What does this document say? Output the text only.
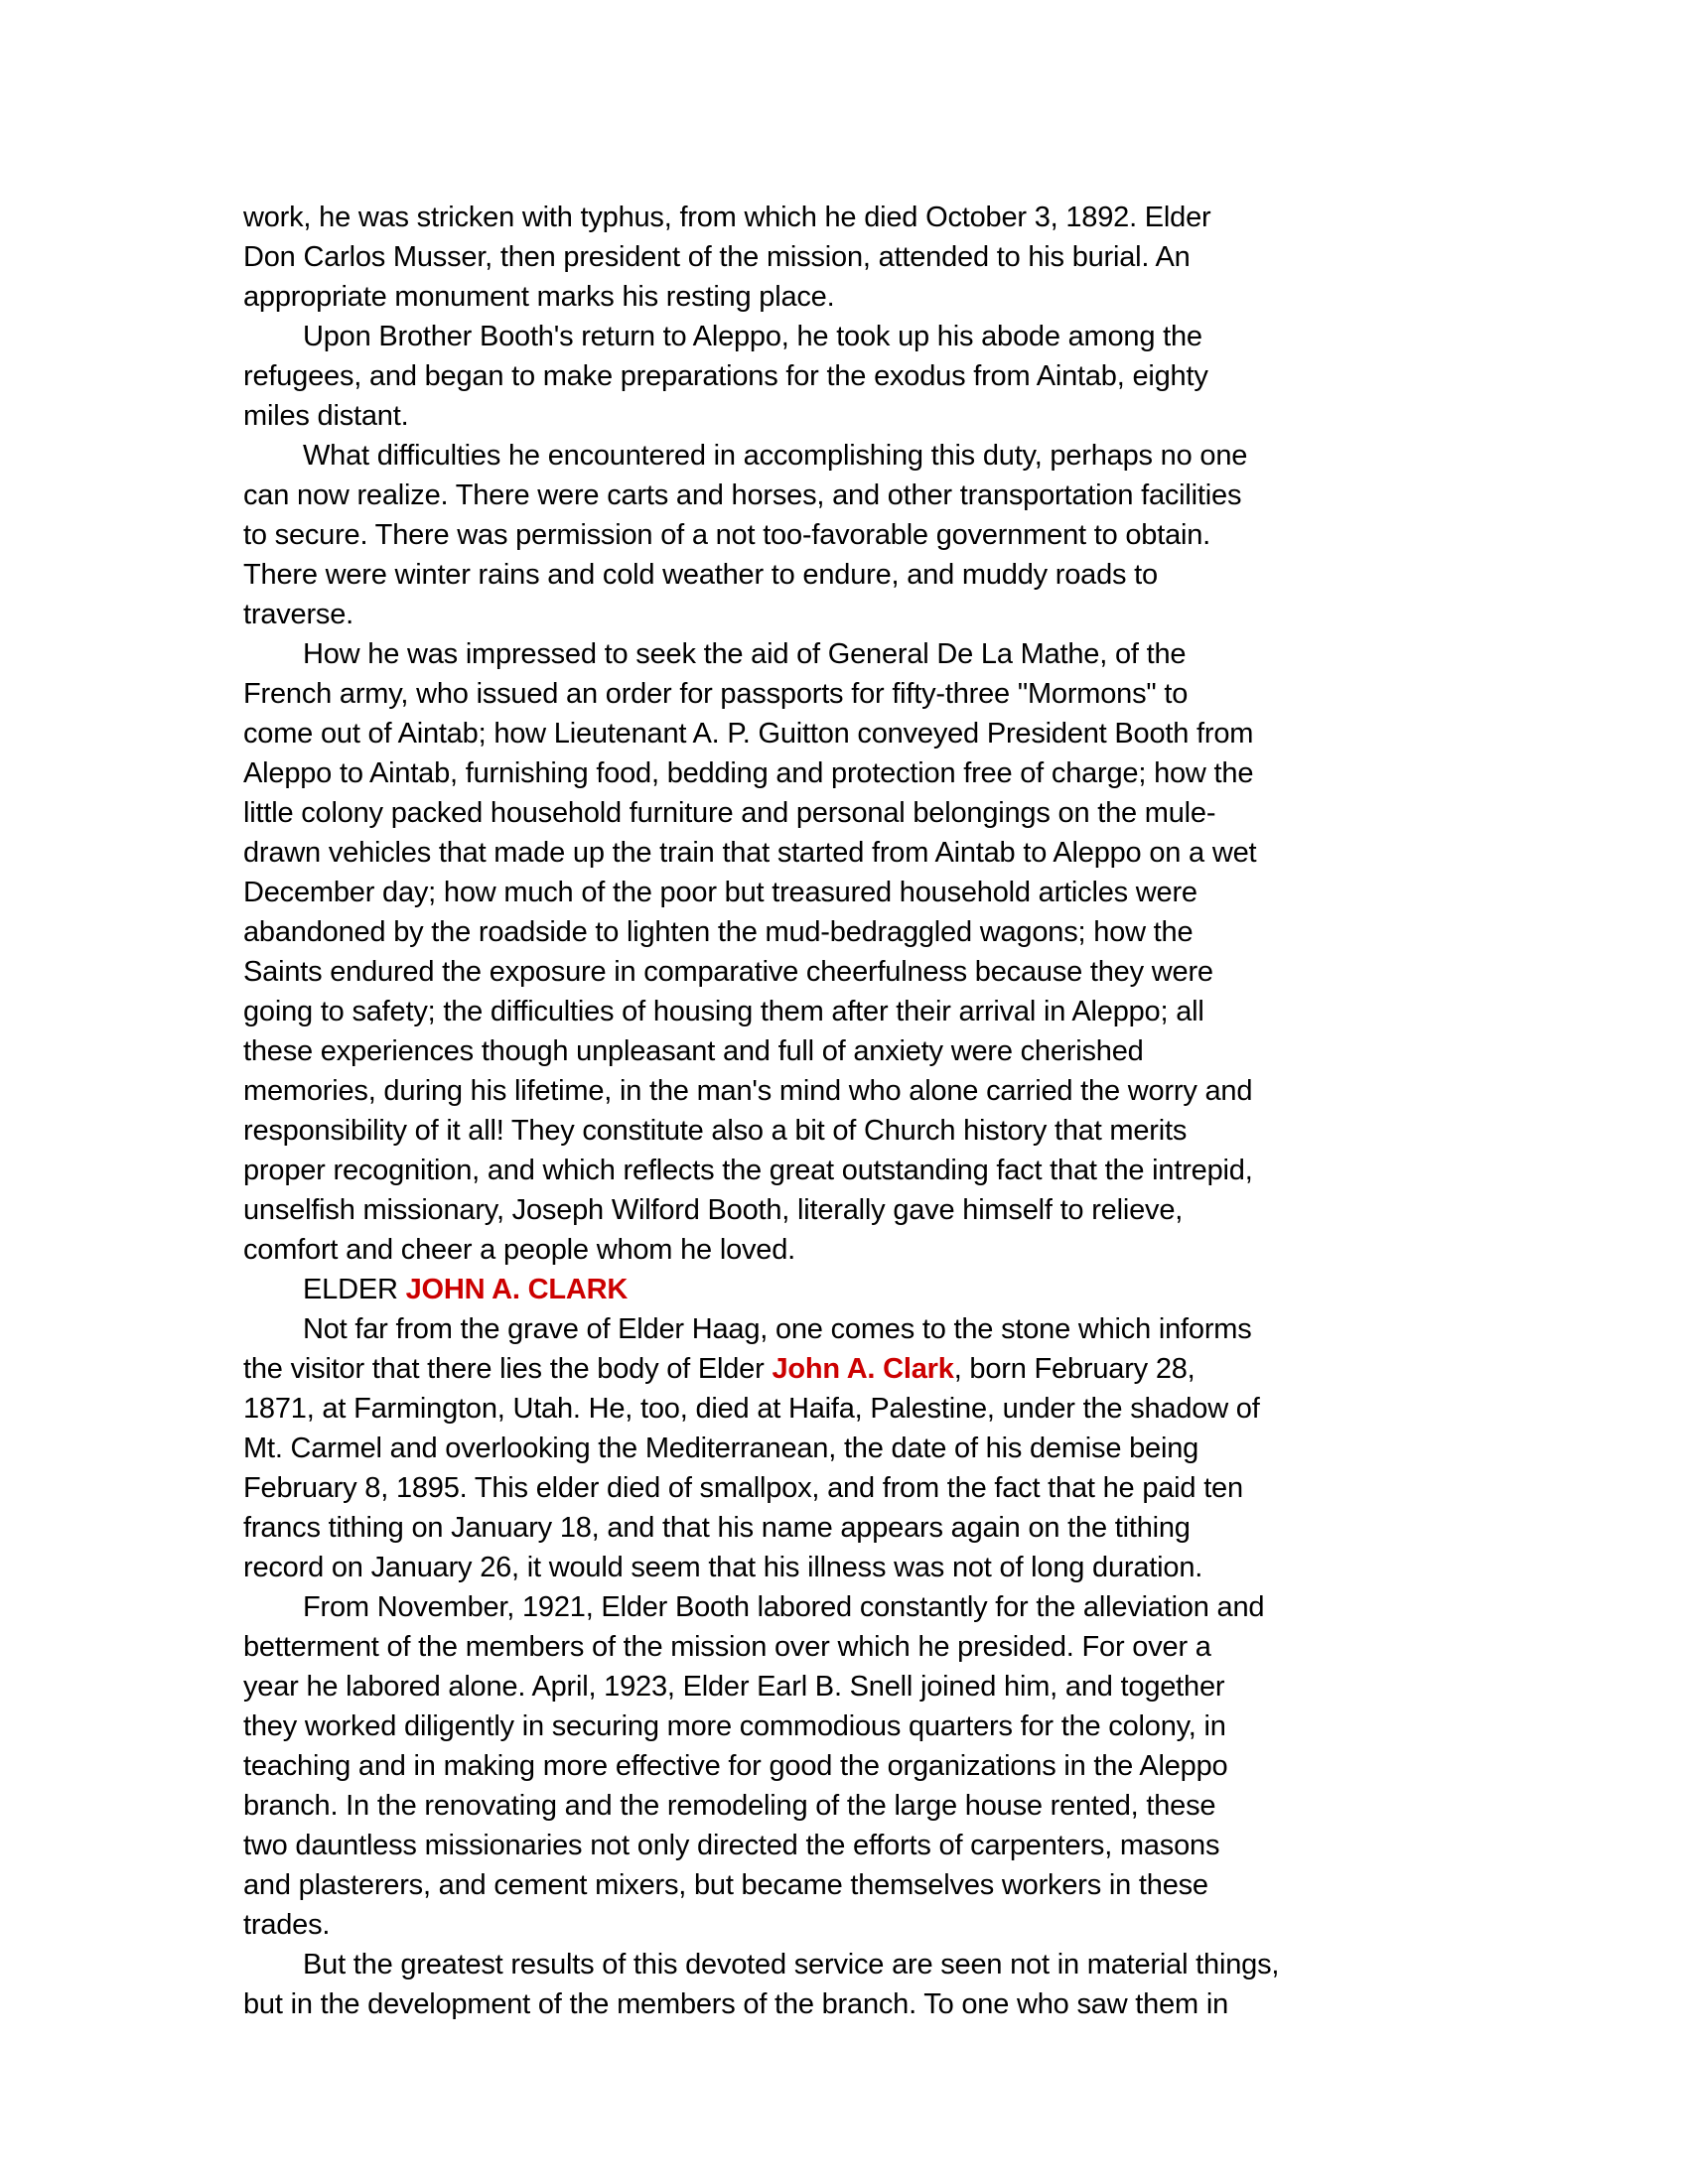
work, he was stricken with typhus, from which he died October 3, 1892. Elder
Don Carlos Musser, then president of the mission, attended to his burial. An
appropriate monument marks his resting place.
Upon Brother Booth's return to Aleppo, he took up his abode among the
refugees, and began to make preparations for the exodus from Aintab, eighty
miles distant.
What difficulties he encountered in accomplishing this duty, perhaps no one
can now realize. There were carts and horses, and other transportation facilities
to secure. There was permission of a not too-favorable government to obtain.
There were winter rains and cold weather to endure, and muddy roads to
traverse.
How he was impressed to seek the aid of General De La Mathe, of the
French army, who issued an order for passports for fifty-three "Mormons" to
come out of Aintab; how Lieutenant A. P. Guitton conveyed President Booth from
Aleppo to Aintab, furnishing food, bedding and protection free of charge; how the
little colony packed household furniture and personal belongings on the mule-
drawn vehicles that made up the train that started from Aintab to Aleppo on a wet
December day; how much of the poor but treasured household articles were
abandoned by the roadside to lighten the mud-bedraggled wagons; how the
Saints endured the exposure in comparative cheerfulness because they were
going to safety; the difficulties of housing them after their arrival in Aleppo; all
these experiences though unpleasant and full of anxiety were cherished
memories, during his lifetime, in the man's mind who alone carried the worry and
responsibility of it all! They constitute also a bit of Church history that merits
proper recognition, and which reflects the great outstanding fact that the intrepid,
unselfish missionary, Joseph Wilford Booth, literally gave himself to relieve,
comfort and cheer a people whom he loved.
ELDER JOHN A. CLARK
Not far from the grave of Elder Haag, one comes to the stone which informs
the visitor that there lies the body of Elder John A. Clark, born February 28,
1871, at Farmington, Utah. He, too, died at Haifa, Palestine, under the shadow of
Mt. Carmel and overlooking the Mediterranean, the date of his demise being
February 8, 1895. This elder died of smallpox, and from the fact that he paid ten
francs tithing on January 18, and that his name appears again on the tithing
record on January 26, it would seem that his illness was not of long duration.
From November, 1921, Elder Booth labored constantly for the alleviation and
betterment of the members of the mission over which he presided. For over a
year he labored alone. April, 1923, Elder Earl B. Snell joined him, and together
they worked diligently in securing more commodious quarters for the colony, in
teaching and in making more effective for good the organizations in the Aleppo
branch. In the renovating and the remodeling of the large house rented, these
two dauntless missionaries not only directed the efforts of carpenters, masons
and plasterers, and cement mixers, but became themselves workers in these
trades.
But the greatest results of this devoted service are seen not in material things,
but in the development of the members of the branch. To one who saw them in
